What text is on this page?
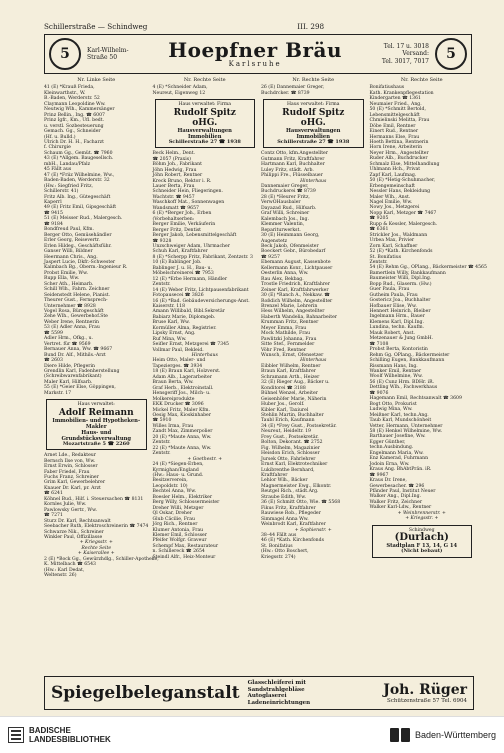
Schillerstraße — Schindweg	III. 298
5	Karl-Wilhelm-
Straße 50	Hoepfner Bräu
Karlsruhe
Tel. 17 u. 3018
Versand:
Tel. 3017, 7017	5
Nr. Linke Seite
41 (E) *Krauß Frieda,
Kleinwarthstr., W.
B.-Baden, Werderstr. 52
Claymann Leopoldine Ww.
Neutwig Wlh., Kammersänger
Prinz Bellin., Ing. ☎ 6007
Prinz Igfr., Km., Ufl. bedt.
u. verstl. Sozbesteuerung
Gemach. Gg., Schneider
(Hf. u. Bulld.)
Ulrich Dr. H. H., Facharzt
f. Chirurgie
Schaum Gg., Gemüt. ☎ 7960
43 (E) *Allgem. Baugesellsch.
mbH., Landau/Pfalz
45 Fällt aus
47 (E) *Friiz Wilhelmine, Ww.,
Baden-Baden, Werderstr. 32
(Hw.: Siegfried Fritz,
Schillerstr. 41)
Fritz Alb. Ing., Gütegeschäft
Kaperrl
49 (E) Fritz Emil, Gipsgeschäft
☎ 9415
51 (E) Meisser Rud., Malergesch.
☎ 9184
Bondfreud Paul, Kfm.
Berger Otto, Gemüsehändler
Erler Georg, Reisevertr.
Erlen Hildeg., Geschäftsführ.
Ganser Willi, Bildner
Heermann Chris., Ang.
Jaspert Lucie, Dkfr.-Schwester
Kalmbach Bg., Oberm.-Ingenieur R.
Probst Emilie, Ww.
Rupp Ella, Ww.
Scher Ath., Heimarb.
Schill Wlh., Fahrn. Zeichner
Seidenstedt Helene, Pianist.
Theurer Gust., Fernsprech-
Unternehmer ☎ 8928
Vogel Rosa, Bürogeschäft
Zehe Wlh., Gewerbehof.Ste
Weber Irene, Rentnerin
53 (E) Adler Anna, Frau
☎ 5599
Adler Hrm., Ofkg., u.
Vertret. für ☎ 9569
Bernauer Anna, Ww. ☎ 9667
Bund Dr. Alf., Mithils.-Arzt
☎ 2603
Diere Hilde, Pflegerin
Grendlin Karl, Fadenherstellung
(Schreibwarenfabrikant)
Maler Karl, Hilfsarb.
55 (E) *Geier Else, Göppingen,
Markstr. 17
Haus verwaltet:
Adolf Reimann
Immobilien- und Hypotheken-Makler
Haus- und Grundstücksverwaltung
Mozartstraße 5 ☎ 2260
Arnet Lde., Redakteur
Bernsch Ilse von, Ww.
Ernst Erwin, Schlosser
Faber Friedel, Frau
Fuchs Franz, Schreiner
Grim Karl, Gewerbelehrer
Knauer Dr. Karl, pr. Arzt
☎ 6241
Köhnel Bud., Hilf. i. Steuersachen ☎ 8131
Kornles Julie, Ww.
Pawlowsky Gertr., Ww.
☎ 7271
Sturz Dr. Karl, Rechtsanwalt
Seebacher Ruth, Elektroschreinerin ☎ 7474
Schwarze Nik., Schreiner
Winkler Paul, Offizillasse
+ Kriegsstr. +
Rechte Seite
+ Kaiserallee +
2 (E) *Bock Gg., Gewürzhdlg., Schiller-Apotheke,
K. Mittelbach ☎ 6543
(Hw.: Karl Dedat,
Weltenstr. 26)
Nr. Rechte Seite
4 (E) *Schneider Adam,
Neureut, Eigenweg 12
Haus verwaltet: Firma
Rudolf Spitz
oHG.
Hausverwaltungen
Immobilien
Schillerstraße 27 ☎ 1938
Beck Helm., Dent.
☎ 2057 (Praxis)
Böhm Joh., Fabrikant
Jöhn Hedwig, Frau
Jöhn Robert, Rentner
Kreck Bruno, Rektor i. R.
Lauer Berta, Frau
Schneider Hein, Fliegeringen.
Wachtstr. ☎ 9457
Waschkoff Mat., Sonnenwagen
Wandsmatt ☎ 9657
6 (E) *Berger Joh., Erben
(Vorbehaltserben:
Berger Emilie, Verkäuferin
Berger Fritz, Dentist
Berger Jakob, Lebensmittelgeschäft
☎ 9328
Unzschweiger Adam, Uhrmacher
Schuh Karl, Kraftfahrer
8 (E) *Scherpp Fritz, Fabrikant, Zentzstr. 3
10 (E) Bablinger Job.
Bablinger J. u. H., Bau- u.
Möbelschreinerei ☎ 7953
12 (E) *Erbe Hermann, Händler
Zentstr.
14 (E) Weber Fritz, Lichtpausenfabrikant
Fotopausecei ☎ 3826
16 (E) *Bad. Gebäudeversicherungs-Anst.
Kaiserstr. 118
Amann Willibald, Bibl.Sekretär
Babiarz Marie, Diplomgeb.
Bruse Karl, Ww.
Kormüller Alma, Registrier.
Lipsky Ernst, Ang.
Ruf Mina, Ww.
Seifler Ernst, Metzgerei ☎ 7345
Vollmar Paul, Bekleid.
Hinterhaus
Heim Otto, Maler- und
Tapezierges. ☎ 3934
18 (E) Braun Karl, Holzverst.
Adam Alb., Lagerarbeiter
Braun Berta, Ww.
Graf Herb., Elektroinstall.
Hensgeriff Jos., Milch- u.
Molkereiprodukte
EKK Drucker ☎ 3096
Mickel Fritz, Maler Kfm.
Oesig Max, Kioskinhaber
☎ 5910
Willes Irma, Frau
Zandt Max, Zimmerpolier
20 (E) *Maute Anna, Ww.
Zentstr.
22 (E) *Maute Anna, Ww.
Zentstr.
+ Goethestr. +
24 (E) *Siegen-Erben,
Kyrmighan/England
(Hw.: Haus- u. Grund.
Besitzerverein,
Leopoldstr. 10)
Bechtel Anna, Ww.
Boesler Helm., Elektriker
Berg Willy, Schlossermeister
Dreher Willi, Metzger
Ql Oskar, Dreher
Glub Cäcilie, Frau
Jörg Rich., Rentner
Klumer Antonia, Frau
Klemer Emil, Schlosser
Pfeifer Wolfgr. Graveur
Schempf Max, Restaurateur
n. Schillereck ☎ 2654
Steindl Alfr., Heiz-Monteur
Nr. Rechte Seite
26 (E) Dannemaier Greger,
Buchdrcker. ☎ 8739
Haus verwaltet: Firma
Rudolf Spitz
oHG.
Hausverwaltungen
Immobilien
Schillerstraße 27 ☎ 1938
Contz Otto, kfm.Angestellter
Gutmann Fritz, Kraftfahrer
Hartmann Karl, Buchhalter
Luley Fritz, städt. Arb.
Philippi Fre., Flüsselbauer
Hinterhaus
Dannemaier Greger,
Buchdruckerei ☎ 8739
28 (E) *Heurer Fritz,
VerwOHausbaler
Dayazad Rud., Hilfsarb.
Graf Willi, Schreiner
Kalembach Jos., Ing.
Klemmer Valentin,
Repariturwerkst.
30 (E) Heimmann Georg,
Augenstetz
Beck Jakob, Ofenmeister
Boeckert Gebr., Bürobedarf
☎ 9257
Ebemann August, Kassenbote
Kellermann Konr., Lichtpauser
Oesterlin Anna, Ww.
Rau Alex, Bekbag.
Trostle Friedrich, Kraftfahrer
Zeiner Karl, Kraftfahrwerker
30 (E) *Ranch A., Nekkaw. ☎
Roßdich Wilhelm, Angestellter
Brenzel Marie, Lehrerin
Hess Wilhelm, Angestellter
Haberth Wandelia, Bahnarbeiter
Krumman Fritz, Rentner
Meyer Emma, Frau
Mock Mathilde, Frau
Pawlitzki Johanna, Frau
Sitte Stef., Fernmelder
Vöhr Fred, Rentner
Wunsch, Ernst, Ofensetzer
Hinterhaus
Eibbler Wilhelm, Rentner
Braun Karl, Kraftfahrer
Schramann Arth., Heizer
32 (E) Rieger Aug., Bäcker u.
Konditorei ☎ 3188
Bühnel Wenzel, Arbeiter
Geisenhöfer Marie, Näherin
Huber Jos., Gerolf.
Kibler Karl, Taxiurel
Stehlin Martin, Buchhalter
Taubl Erich, Kaufmann
34 (E) *Frey Gust., Postsekretär.
Neureut, Heideltr. 19
Frey Gust., Postsekretär.
Bolton, Dekorant. ☎ 2752
Fig. Wilhelm, Magazinier
Heisdon Erich, Schlosser
Jursek Otto, Fahrlehrer
Ernst Karl, Elektrotechniker
Lukibrenthe Bernhard,
Kraftfahrer
Lehlor Wlh., Bäcker
Magnermeister Ewg., Elkontr.
Reutgel Rich., städt.Arg.
Straube Edith, Ww.
36 (E) Schmitt Otto, Wie. ☎ 5568
Fikus Fritz, Kraftfahrer
Rauwiese Rob., Pflegeder
Simmagel Anna Ww.
Weinbrodt Karl, Kraftfahrer
+ Sophienstr. +
38–44 Fällt aus
46 (E) *Kath. Kirchenfonds
St. Bonifatius
(Hw.: Otto Boschert,
Kriegsstr. 274)
Nr. Rechte Seite
Bonifatiushaus
Kath. Krankenpflegestation
Kindergarten ☎ 1361
Neumaier Fried., Ang.
50 (E) *Schmitt Bertold,
Lebensmittelgeschäft
Chmielinski Melitta, Frau
Döbe Emil, Rentner
Einert Rud., Rentner
Hermanns Else, Frau
Hoeth Bettina, Rentnerin
Horn Irene, Arbeiterin
Neyer Hrm., Angestellter
Ruder Alb., Buchdrucker
Schmalz Else, Mittelhandlung
Uhlmann Hch., Privat
Zapf Karl, Laufmag.
50 (E) *Hetig-Schuhmacher,
Erbengemeinschaft
Nessler Hans, Bekleidung
Maler Wlh., Anst.
Nagel Emilie, Ww.
Nowy Jos., Metzgerei
Nopp Karl, Metzger ☎ 7467
☎ 9205
Rupp & Kessler, Malergesch.
☎ 6361
Strickler Jos., Waldmann
Urbea Max, Privier
Zorn Karl, Schaffner
52 (E) *Kath. Kirchenfonds
St. Bonifatius
Zentstr.
54 (E) Rehm Gg., OPlang., Bäckermeister ☎ 4565
Bamertlein Willy, Bankkaufmann
Baumeister Willi, Dipl.Ing.
Bopp Rud., Glaserm. (Hw.)
Guer Paula, Frau
Gutheim Paula, Frau
Gostericz Joa., Buchhalter
Hofbauer Elise, Ww.
Hennert Heinrich, Bleiber
Ingelmann Hrm., Bauer
Klemens Karl, Dipl.Ing.
Lundina, techn. Kaufm.
Mauk Robert, Anst.
Metzenauer & Jung GmbH.
☎ 7108
Probst Berta, Kontoristin
Rehm Gg. OPlang., Bäckermeister
Schilling Eugen, Bankkaufmann
Rissmann Hans, Ing.
Wanker Emil, Rentner
Woolf Wilhelmine, Ww.
56 (E) Cunz Hrm. BDHr. iR.
Dettling Wlh., Fachwerkhaus
☎ 9076
Hagemann Emil, Rechtsanwalt ☎ 3609
Bogt Otto, Prokurist
Ludwig Mina, Ww.
Meißner Karl, techn.Ang.
Taub Karl, Mundschönheit
Vetter, Hermann, Unternehmer
58 (E) Henkel Wilhelmine, Ww.
Barthauer Josefine, Ww.
Egger Günther,
techn.Ausbindung.
Engelmann Maria, Ww.
Enz Kamerad, Fuhrmann
Jodoin Erna, Ww.
Kraus Ang. BhAbtPrän. iR.
☎ 9967
Kraus Dr. Irene,
Gewerbesacher. ☎ 296
Pfänder Paul, Institut Neuer
Walker Ang., Dipl.Ing.
Walker Fritz, Zeichner
Walker Karl-Ldw., Rentner
+ Weinbrennerstr. +
+ Kriegsstr. +
Schindweg
(Durlach)
Stadtplan F 13, 14, G 14
(Nicht bebaut)
Spiegelbeleganstalt Glasschleiferei mit
Sandstrahlgebläse
Autoglaserei
Ladeneinrichtungen
Joh. Rüger
Schützenstraße 57 Tel. 6904
BADISCHE
LANDESBIBLIOTHEK	Baden-Württemberg
